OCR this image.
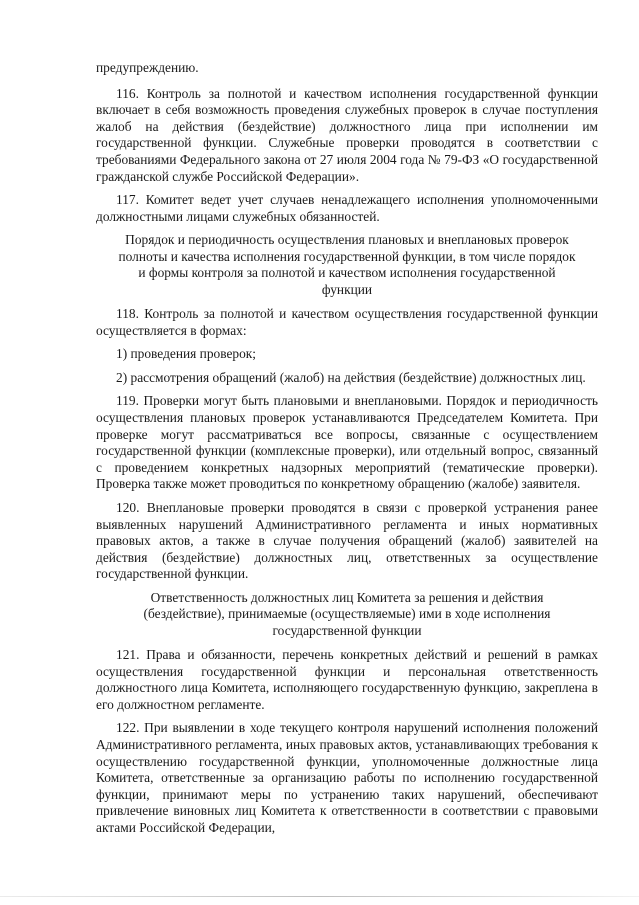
предупреждению.

116. Контроль за полнотой и качеством исполнения государственной функции включает в себя возможность проведения служебных проверок в случае поступления жалоб на действия (бездействие) должностного лица при исполнении им государственной функции. Служебные проверки проводятся в соответствии с требованиями Федерального закона от 27 июля 2004 года № 79-ФЗ «О государственной гражданской службе Российской Федерации».

117. Комитет ведет учет случаев ненадлежащего исполнения уполномоченными должностными лицами служебных обязанностей.

Порядок и периодичность осуществления плановых и внеплановых проверок полноты и качества исполнения государственной функции, в том числе порядок и формы контроля за полнотой и качеством исполнения государственной функции

118. Контроль за полнотой и качеством осуществления государственной функции осуществляется в формах:

1) проведения проверок;

2) рассмотрения обращений (жалоб) на действия (бездействие) должностных лиц.

119. Проверки могут быть плановыми и внеплановыми. Порядок и периодичность осуществления плановых проверок устанавливаются Председателем Комитета. При проверке могут рассматриваться все вопросы, связанные с осуществлением государственной функции (комплексные проверки), или отдельный вопрос, связанный с проведением конкретных надзорных мероприятий (тематические проверки). Проверка также может проводиться по конкретному обращению (жалобе) заявителя.

120. Внеплановые проверки проводятся в связи с проверкой устранения ранее выявленных нарушений Административного регламента и иных нормативных правовых актов, а также в случае получения обращений (жалоб) заявителей на действия (бездействие) должностных лиц, ответственных за осуществление государственной функции.

Ответственность должностных лиц Комитета за решения и действия (бездействие), принимаемые (осуществляемые) ими в ходе исполнения государственной функции

121. Права и обязанности, перечень конкретных действий и решений в рамках осуществления государственной функции и персональная ответственность должностного лица Комитета, исполняющего государственную функцию, закреплена в его должностном регламенте.

122. При выявлении в ходе текущего контроля нарушений исполнения положений Административного регламента, иных правовых актов, устанавливающих требования к осуществлению государственной функции, уполномоченные должностные лица Комитета, ответственные за организацию работы по исполнению государственной функции, принимают меры по устранению таких нарушений, обеспечивают привлечение виновных лиц Комитета к ответственности в соответствии с правовыми актами Российской Федерации,
